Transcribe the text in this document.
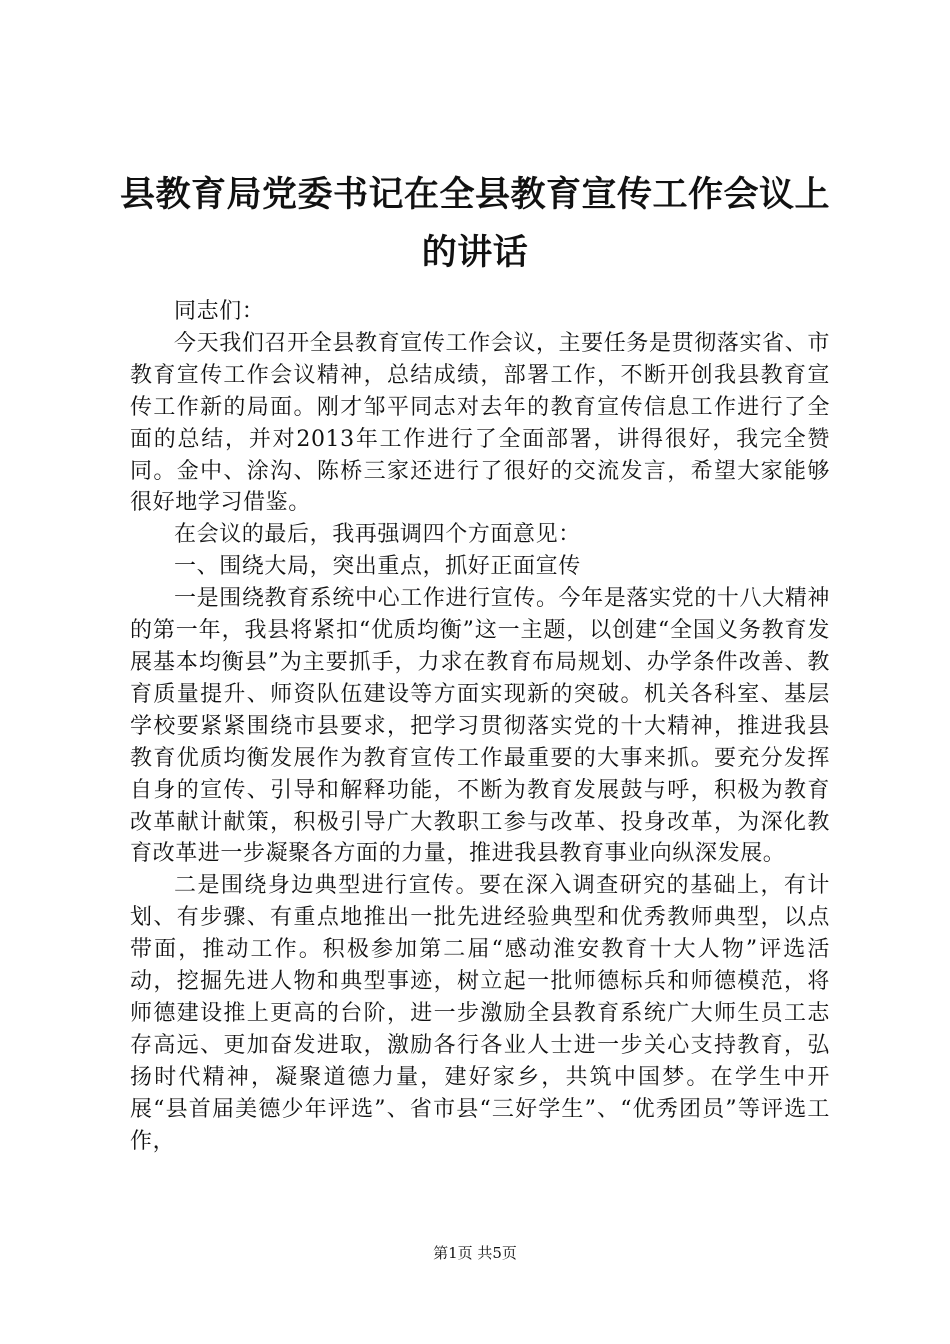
县教育局党委书记在全县教育宣传工作会议上的讲话

同志们：

今天我们召开全县教育宣传工作会议，主要任务是贯彻落实省、市教育宣传工作会议精神，总结成绩，部署工作，不断开创我县教育宣传工作新的局面。刚才邹平同志对去年的教育宣传信息工作进行了全面的总结，并对2013年工作进行了全面部署，讲得很好，我完全赞同。金中、涂沟、陈桥三家还进行了很好的交流发言，希望大家能够很好地学习借鉴。

在会议的最后，我再强调四个方面意见：

一、围绕大局，突出重点，抓好正面宣传

一是围绕教育系统中心工作进行宣传。今年是落实党的十八大精神的第一年，我县将紧扣“优质均衡”这一主题，以创建“全国义务教育发展基本均衡县”为主要抓手，力求在教育布局规划、办学条件改善、教育质量提升、师资队伍建设等方面实现新的突破。机关各科室、基层学校要紧紧围绕市县要求，把学习贯彻落实党的十大精神，推进我县教育优质均衡发展作为教育宣传工作最重要的大事来抓。要充分发挥自身的宣传、引导和解释功能，不断为教育发展鼓与呼，积极为教育改革献计献策，积极引导广大教职工参与改革、投身改革，为深化教育改革进一步凝聚各方面的力量，推进我县教育事业向纵深发展。

二是围绕身边典型进行宣传。要在深入调查研究的基础上，有计划、有步骤、有重点地推出一批先进经验典型和优秀教师典型，以点带面，推动工作。积极参加第二届“感动淮安教育十大人物”评选活动，挖掘先进人物和典型事迹，树立起一批师德标兵和师德模范，将师德建设推上更高的台阶，进一步激励全县教育系统广大师生员工志存高远、更加奋发进取，激励各行各业人士进一步关心支持教育，弘扬时代精神，凝聚道德力量，建好家乡，共筑中国梦。在学生中开展“县首届美德少年评选”、省市县“三好学生”、“优秀团员”等评选工作，

第1页 共5页
